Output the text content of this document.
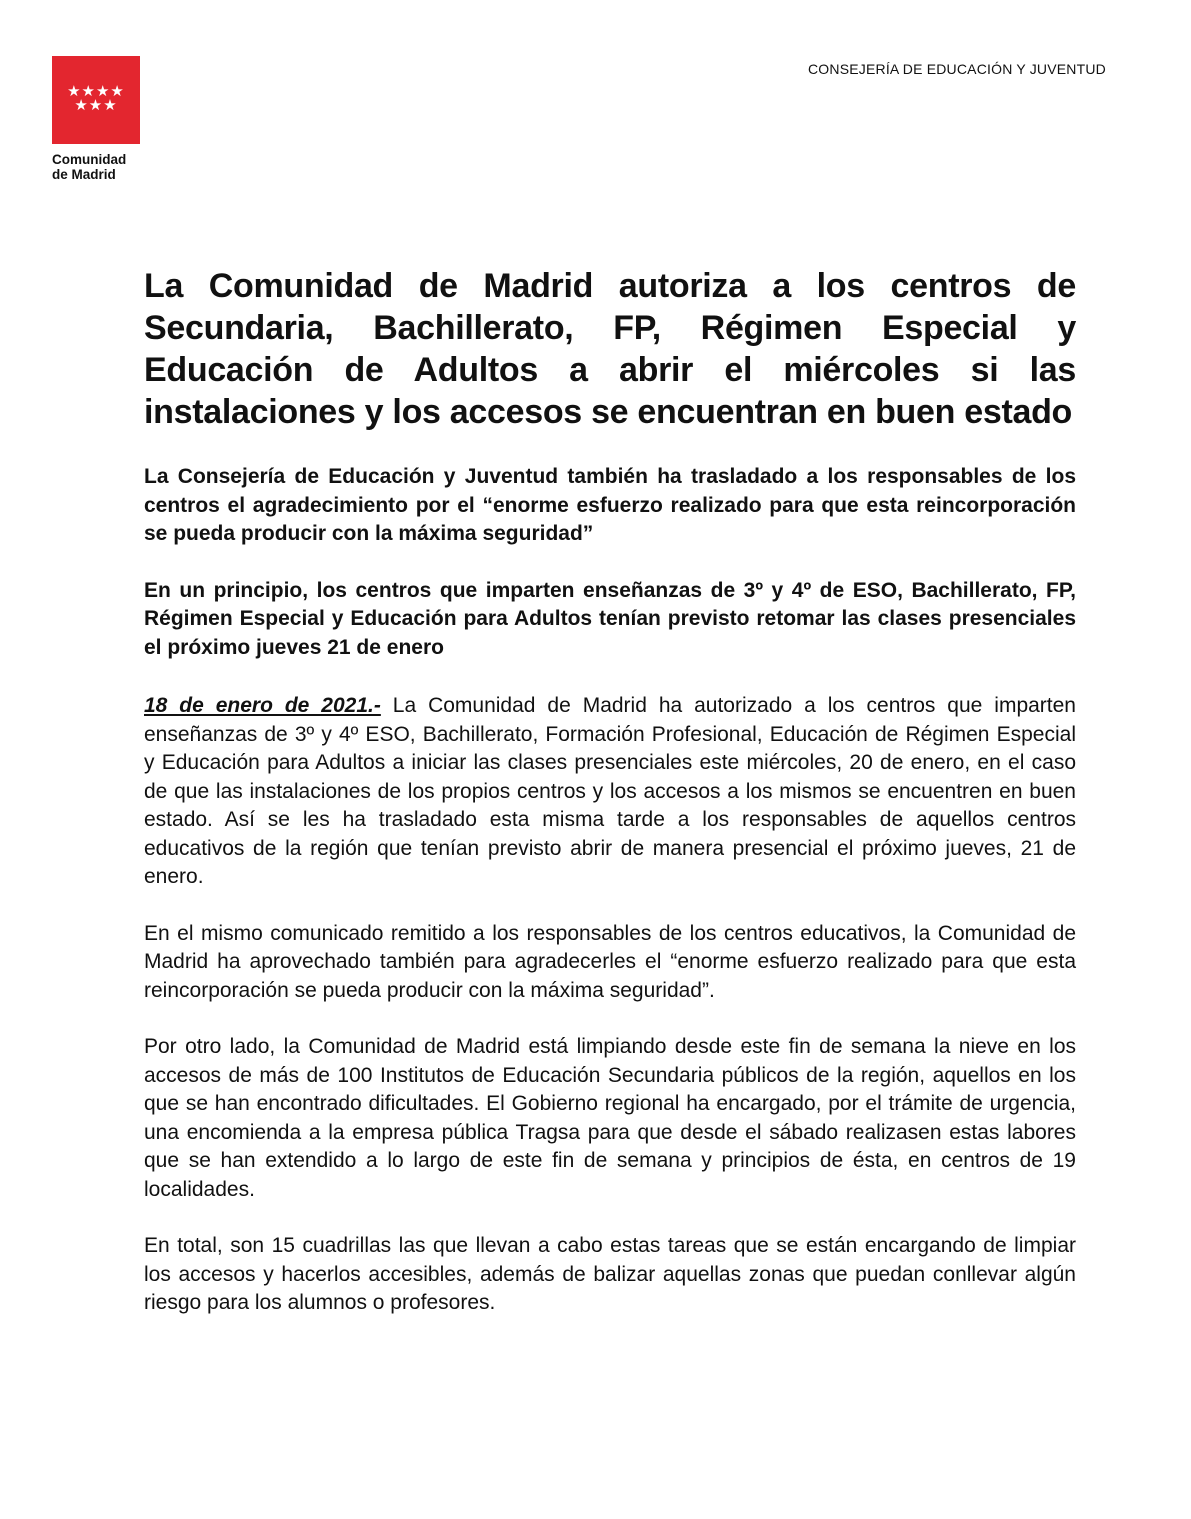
★★★★
★★★
Comunidad
de Madrid
CONSEJERÍA DE EDUCACIÓN Y JUVENTUD
La Comunidad de Madrid autoriza a los centros de Secundaria, Bachillerato, FP, Régimen Especial y Educación de Adultos a abrir el miércoles si las instalaciones y los accesos se encuentran en buen estado

La Consejería de Educación y Juventud también ha trasladado a los responsables de los centros el agradecimiento por el “enorme esfuerzo realizado para que esta reincorporación se pueda producir con la máxima seguridad”

En un principio, los centros que imparten enseñanzas de 3º y 4º de ESO, Bachillerato, FP, Régimen Especial y Educación para Adultos tenían previsto retomar las clases presenciales el próximo jueves 21 de enero

18 de enero de 2021.- La Comunidad de Madrid ha autorizado a los centros que imparten enseñanzas de 3º y 4º ESO, Bachillerato, Formación Profesional, Educación de Régimen Especial y Educación para Adultos a iniciar las clases presenciales este miércoles, 20 de enero, en el caso de que las instalaciones de los propios centros y los accesos a los mismos se encuentren en buen estado. Así se les ha trasladado esta misma tarde a los responsables de aquellos centros educativos de la región que tenían previsto abrir de manera presencial el próximo jueves, 21 de enero.

En el mismo comunicado remitido a los responsables de los centros educativos, la Comunidad de Madrid ha aprovechado también para agradecerles el “enorme esfuerzo realizado para que esta reincorporación se pueda producir con la máxima seguridad”.

Por otro lado, la Comunidad de Madrid está limpiando desde este fin de semana la nieve en los accesos de más de 100 Institutos de Educación Secundaria públicos de la región, aquellos en los que se han encontrado dificultades. El Gobierno regional ha encargado, por el trámite de urgencia, una encomienda a la empresa pública Tragsa para que desde el sábado realizasen estas labores que se han extendido a lo largo de este fin de semana y principios de ésta, en centros de 19 localidades.

En total, son 15 cuadrillas las que llevan a cabo estas tareas que se están encargando de limpiar los accesos y hacerlos accesibles, además de balizar aquellas zonas que puedan conllevar algún riesgo para los alumnos o profesores.
